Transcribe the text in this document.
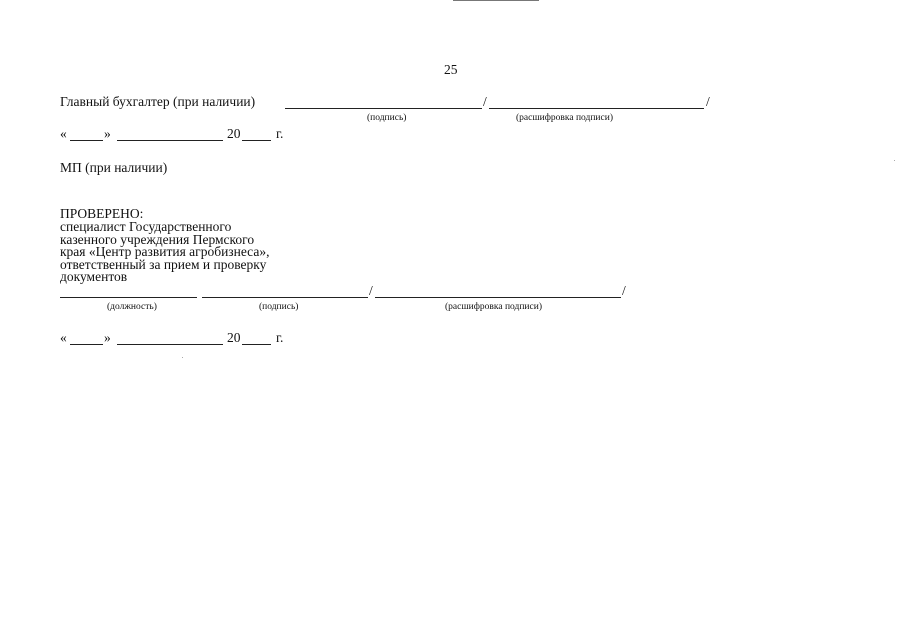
25
Главный бухгалтер (при наличии)	/	/
(подпись)	(расшифровка подписи)
«	»	20	г.
МП (при наличии)
ПРОВЕРЕНО:
специалист Государственного
казенного учреждения Пермского
края «Центр развития агробизнеса»,
ответственный за прием и проверку
документов
/	/
(должность)	(подпись)	(расшифровка подписи)
«	»	20	г.
